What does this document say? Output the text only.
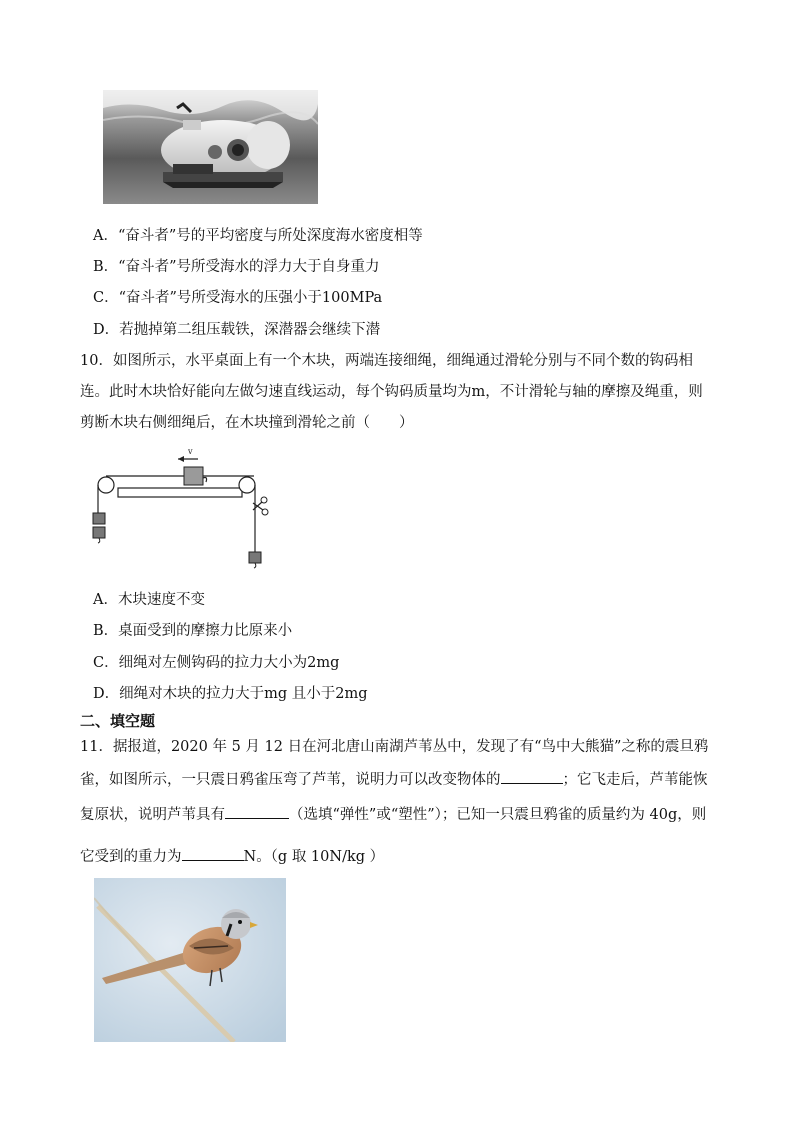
A．“奋斗者”号的平均密度与所处深度海水密度相等
B．“奋斗者”号所受海水的浮力大于自身重力
C．“奋斗者”号所受海水的压强小于100MPa
D．若抛掉第二组压载铁，深潜器会继续下潜
10．如图所示，水平桌面上有一个木块，两端连接细绳，细绳通过滑轮分别与不同个数的钩码相
连。此时木块恰好能向左做匀速直线运动，每个钩码质量均为m，不计滑轮与轴的摩擦及绳重，则
剪断木块右侧细绳后，在木块撞到滑轮之前（　　）
v
A．木块速度不变
B．桌面受到的摩擦力比原来小
C．细绳对左侧钩码的拉力大小为2mg
D．细绳对木块的拉力大于mg 且小于2mg
二、填空题
11．据报道，2020 年 5 月 12 日在河北唐山南湖芦苇丛中，发现了有“鸟中大熊猫”之称的震旦鸦
雀，如图所示，一只震日鸦雀压弯了芦苇，说明力可以改变物体的	；它飞走后，芦苇能恢
复原状，说明芦苇具有	（选填“弹性”或“塑性”）；已知一只震旦鸦雀的质量约为 40g，则
它受到的重力为	N。（g 取 10N/kg ）
